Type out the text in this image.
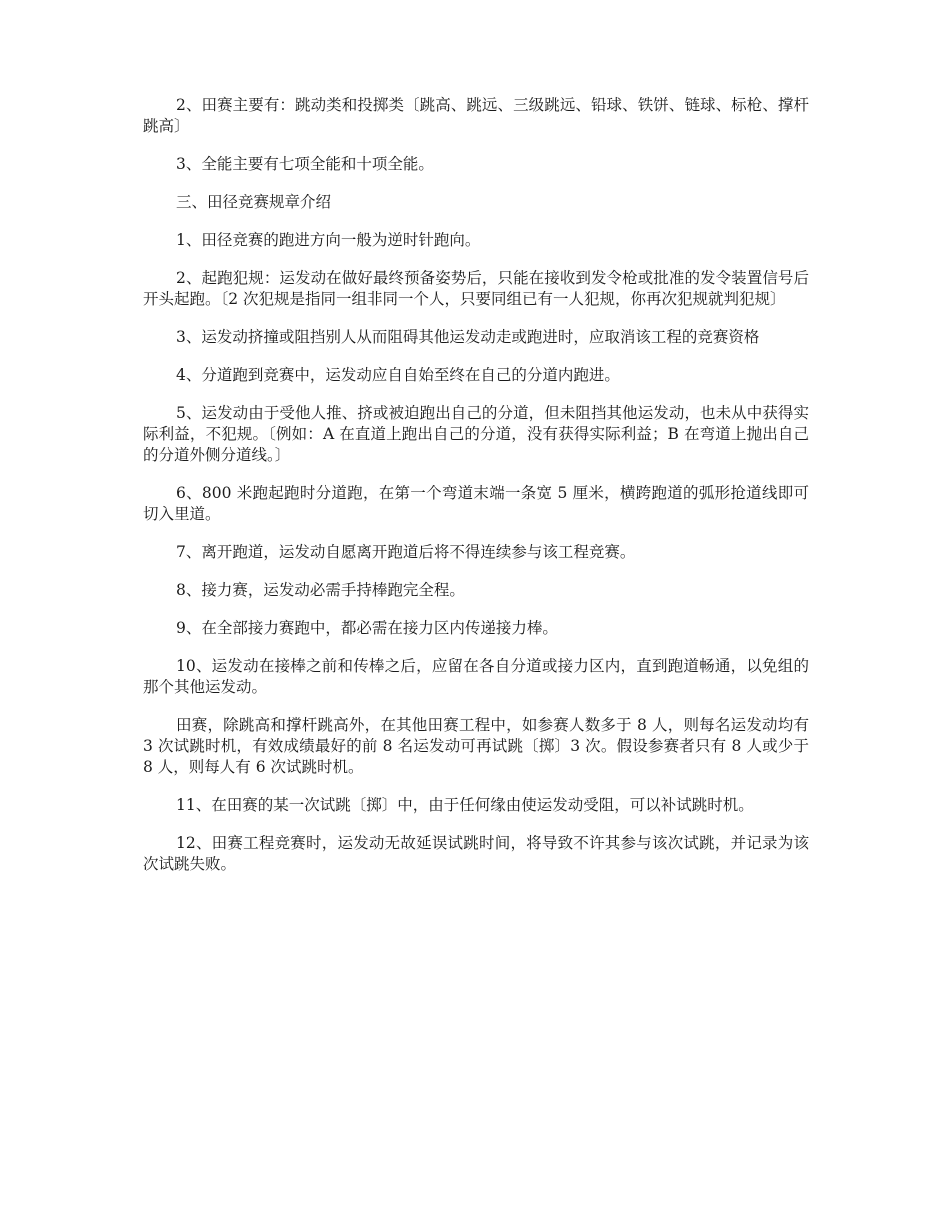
2、田赛主要有：跳动类和投掷类〔跳高、跳远、三级跳远、铅球、铁饼、链球、标枪、撑杆跳高〕

3、全能主要有七项全能和十项全能。

三、田径竞赛规章介绍

1、田径竞赛的跑进方向一般为逆时针跑向。

2、起跑犯规：运发动在做好最终预备姿势后，只能在接收到发令枪或批准的发令装置信号后开头起跑。〔2 次犯规是指同一组非同一个人，只要同组已有一人犯规，你再次犯规就判犯规〕

3、运发动挤撞或阻挡别人从而阻碍其他运发动走或跑进时，应取消该工程的竞赛资格

4、分道跑到竞赛中，运发动应自自始至终在自己的分道内跑进。

5、运发动由于受他人推、挤或被迫跑出自己的分道，但未阻挡其他运发动，也未从中获得实际利益，不犯规。〔例如：A 在直道上跑出自己的分道，没有获得实际利益；B 在弯道上抛出自己的分道外侧分道线。〕

6、800 米跑起跑时分道跑，在第一个弯道末端一条宽 5 厘米，横跨跑道的弧形抢道线即可切入里道。

7、离开跑道，运发动自愿离开跑道后将不得连续参与该工程竞赛。

8、接力赛，运发动必需手持棒跑完全程。

9、在全部接力赛跑中，都必需在接力区内传递接力棒。

10、运发动在接棒之前和传棒之后，应留在各自分道或接力区内，直到跑道畅通，以免组的那个其他运发动。

田赛，除跳高和撑杆跳高外，在其他田赛工程中，如参赛人数多于 8 人，则每名运发动均有 3 次试跳时机，有效成绩最好的前 8 名运发动可再试跳〔掷〕3 次。假设参赛者只有 8 人或少于 8 人，则每人有 6 次试跳时机。

11、在田赛的某一次试跳〔掷〕中，由于任何缘由使运发动受阻，可以补试跳时机。

12、田赛工程竞赛时，运发动无故延误试跳时间，将导致不许其参与该次试跳，并记录为该次试跳失败。
